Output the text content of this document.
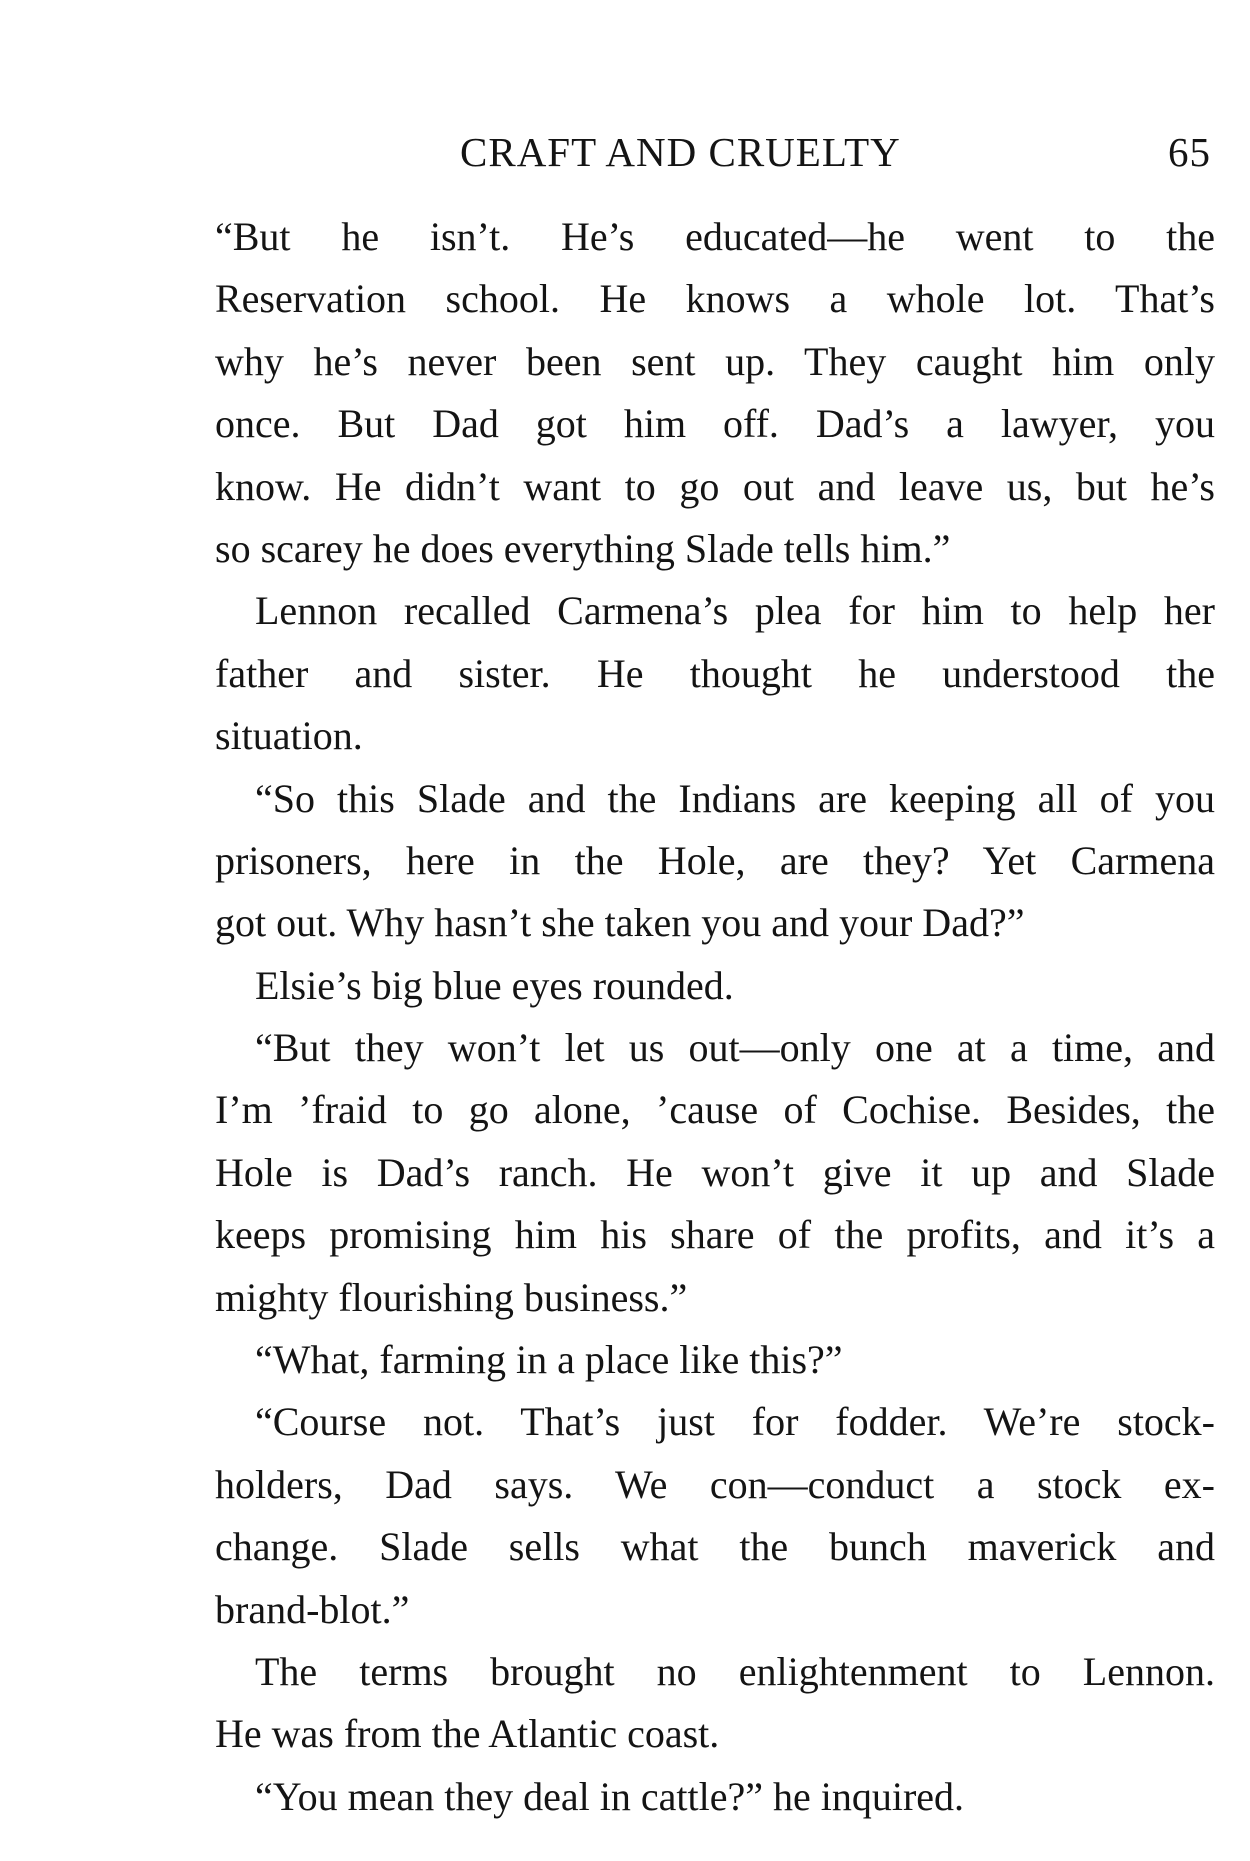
CRAFT AND CRUELTY	65
“But he isn’t. He’s educated—he went to the
Reservation school. He knows a whole lot. That’s
why he’s never been sent up. They caught him only
once. But Dad got him off. Dad’s a lawyer, you
know. He didn’t want to go out and leave us, but he’s
so scarey he does everything Slade tells him.”
Lennon recalled Carmena’s plea for him to help her
father and sister. He thought he understood the
situation.
“So this Slade and the Indians are keeping all of you
prisoners, here in the Hole, are they? Yet Carmena
got out. Why hasn’t she taken you and your Dad?”
Elsie’s big blue eyes rounded.
“But they won’t let us out—only one at a time, and
I’m ’fraid to go alone, ’cause of Cochise. Besides, the
Hole is Dad’s ranch. He won’t give it up and Slade
keeps promising him his share of the profits, and it’s a
mighty flourishing business.”
“What, farming in a place like this?”
“Course not. That’s just for fodder. We’re stock-
holders, Dad says. We con—conduct a stock ex-
change. Slade sells what the bunch maverick and
brand-blot.”
The terms brought no enlightenment to Lennon.
He was from the Atlantic coast.
“You mean they deal in cattle?” he inquired.
